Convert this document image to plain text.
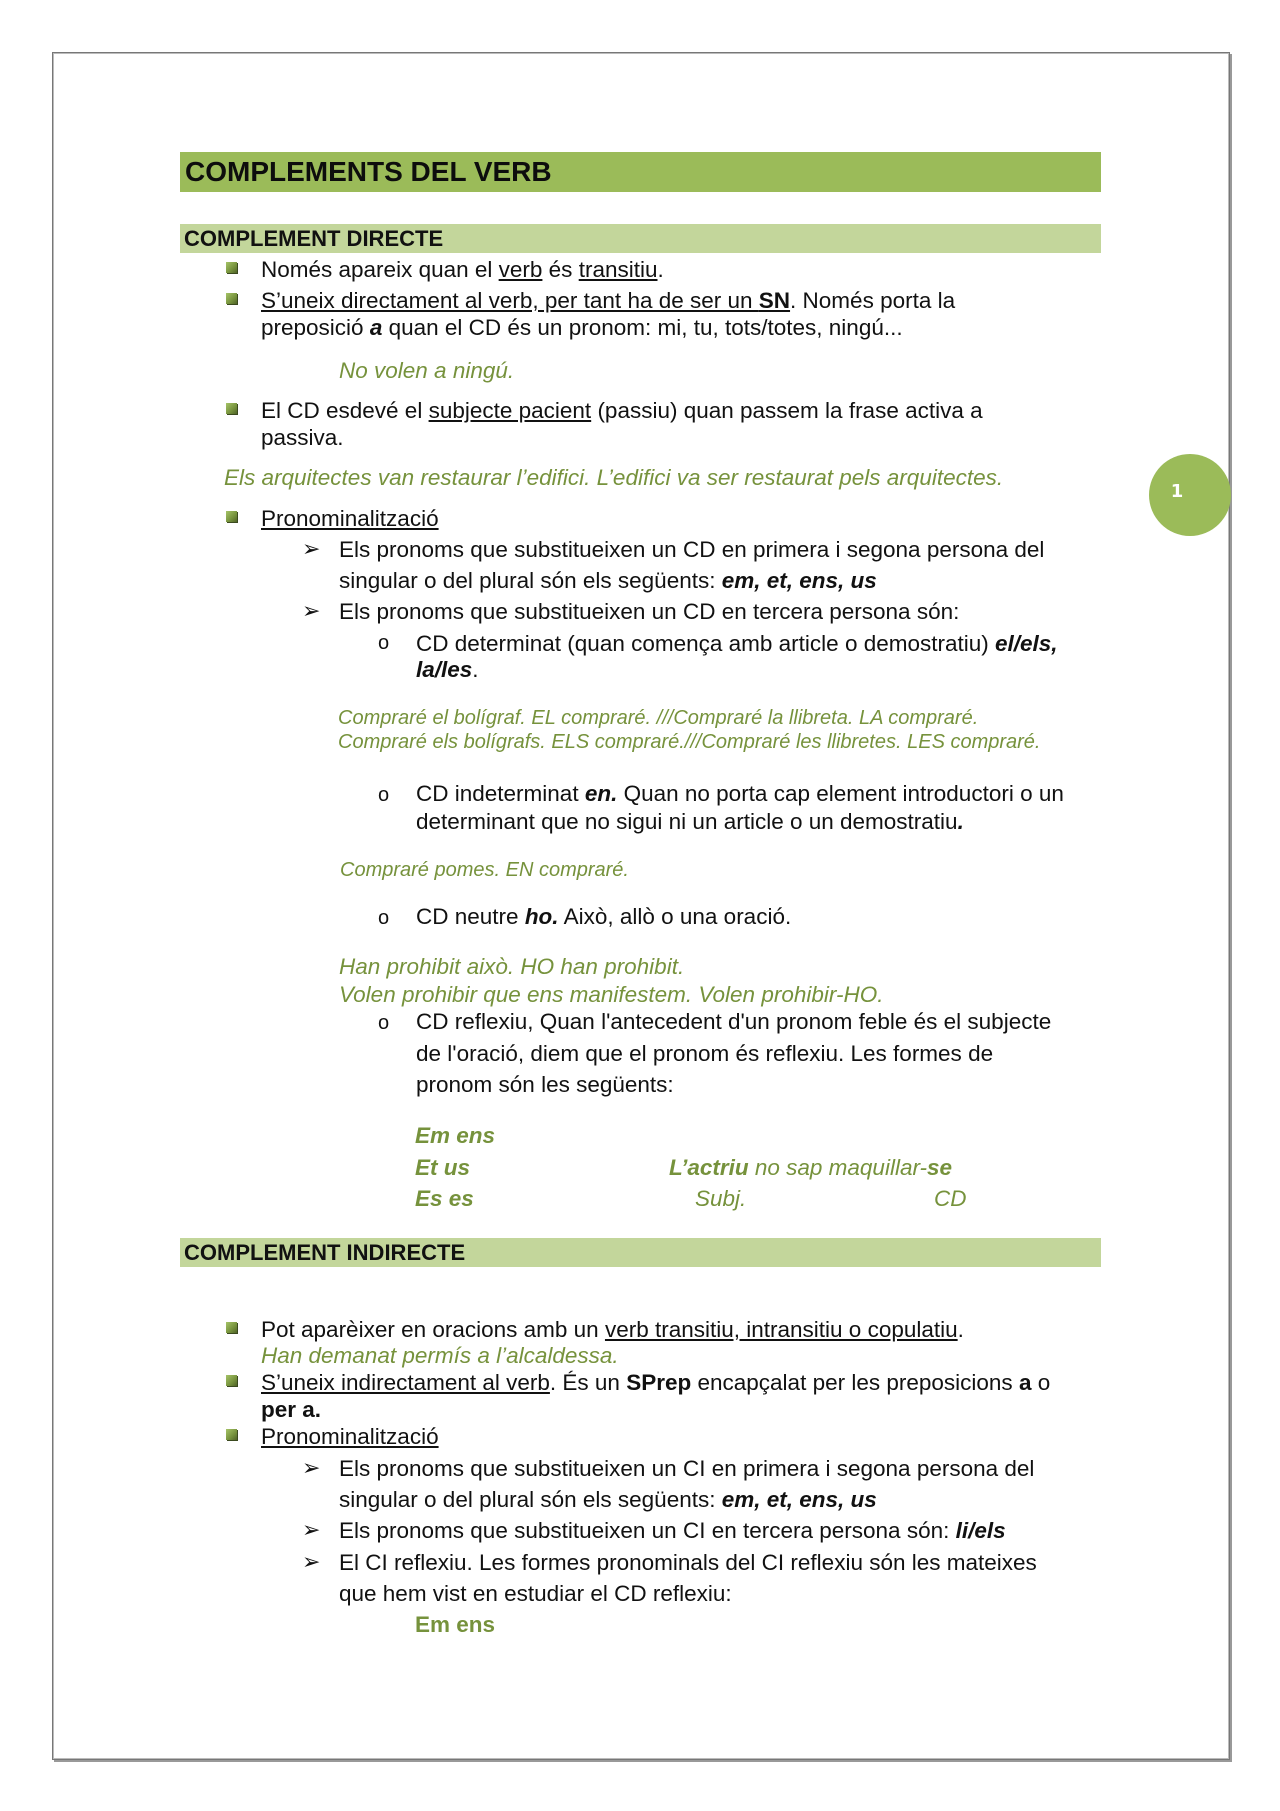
1
COMPLEMENTS DEL VERB
COMPLEMENT DIRECTE
Només apareix quan el verb és transitiu.
S’uneix directament al verb, per tant ha de ser un SN. Només porta la
preposició a quan el CD és un pronom: mi, tu, tots/totes, ningú...
No volen a ningú.
El CD esdevé el subjecte pacient (passiu) quan passem la frase activa a
passiva.
Els arquitectes van restaurar l’edifici. L’edifici va ser restaurat pels arquitectes.
Pronominalització
➢ Els pronoms que substitueixen un CD en primera i segona persona del
singular o del plural són els següents: em, et, ens, us
➢ Els pronoms que substitueixen un CD en tercera persona són:
o CD determinat (quan comença amb article o demostratiu) el/els,
la/les.
Compraré el bolígraf. EL compraré. ///Compraré la llibreta. LA compraré.
Compraré els bolígrafs. ELS compraré.///Compraré les llibretes. LES compraré.
o CD indeterminat en. Quan no porta cap element introductori o un
determinant que no sigui ni un article o un demostratiu.
Compraré pomes. EN compraré.
o CD neutre ho. Això, allò o una oració.
Han prohibit això. HO han prohibit.
Volen prohibir que ens manifestem. Volen prohibir-HO.
o CD reflexiu, Quan l'antecedent d'un pronom feble és el subjecte
de l'oració, diem que el pronom és reflexiu. Les formes de
pronom són les següents:
Em ens
Et us
Es es
L’actriu no sap maquillar-se
Subj.	CD
COMPLEMENT INDIRECTE
Pot aparèixer en oracions amb un verb transitiu, intransitiu o copulatiu.
Han demanat permís a l’alcaldessa.
S’uneix indirectament al verb. És un SPrep encapçalat per les preposicions a o
per a.
Pronominalització
➢ Els pronoms que substitueixen un CI en primera i segona persona del
singular o del plural són els següents: em, et, ens, us
➢ Els pronoms que substitueixen un CI en tercera persona són: li/els
➢ El CI reflexiu. Les formes pronominals del CI reflexiu són les mateixes
que hem vist en estudiar el CD reflexiu:
Em ens
